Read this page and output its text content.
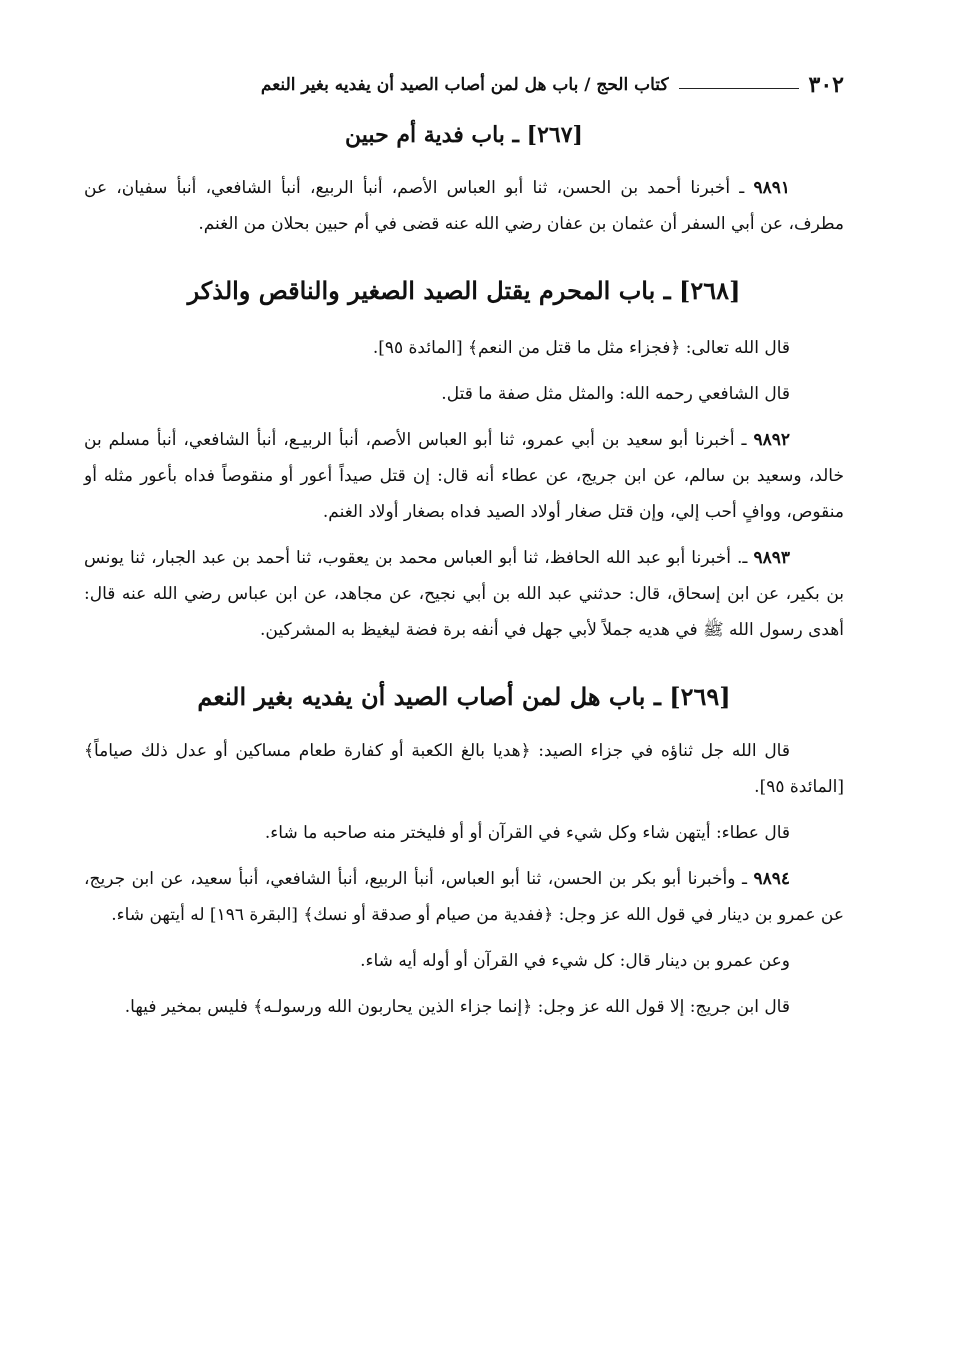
٣٠٢
كتاب الحج / باب هل لمن أصاب الصيد أن يفديه بغير النعم
[٢٦٧] ـ باب فدية أم حبين

٩٨٩١ ـ أخبرنا أحمد بن الحسن، ثنا أبو العباس الأصم، أنبأ الربيع، أنبأ الشافعي، أنبأ سفيان، عن مطرف، عن أبي السفر أن عثمان بن عفان رضي الله عنه قضى في أم حبين بحلان من الغنم.

[٢٦٨] ـ باب المحرم يقتل الصيد الصغير والناقص والذكر

قال الله تعالى: ﴿فجزاء مثل ما قتل من النعم﴾ [المائدة ٩٥].

قال الشافعي رحمه الله: والمثل مثل صفة ما قتل.

٩٨٩٢ ـ أخبرنا أبو سعيد بن أبي عمرو، ثنا أبو العباس الأصم، أنبأ الربيـع، أنبأ الشافعي، أنبأ مسلم بن خالد، وسعيد بن سالم، عن ابن جريج، عن عطاء أنه قال: إن قتل صيداً أعور أو منقوصاً فداه بأعور مثله أو منقوص، ووافٍ أحب إلي، وإن قتل صغار أولاد الصيد فداه بصغار أولاد الغنم.

٩٨٩٣ ـ. أخبرنا أبو عبد الله الحافظ، ثنا أبو العباس محمد بن يعقوب، ثنا أحمد بن عبد الجبار، ثنا يونس بن بكير، عن ابن إسحاق، قال: حدثني عبد الله بن أبي نجيح، عن مجاهد، عن ابن عباس رضي الله عنه قال: أهدى رسول الله ﷺ في هديه جملاً لأبي جهل في أنفه برة فضة ليغيظ به المشركين.

[٢٦٩] ـ باب هل لمن أصاب الصيد أن يفديه بغير النعم

قال الله جل ثناؤه في جزاء الصيد: ﴿هديا بالغ الكعبة أو كفارة طعام مساكين أو عدل ذلك صياماً﴾ [المائدة ٩٥].

قال عطاء: أيتهن شاء وكل شيء في القرآن أو أو فليختر منه صاحبه ما شاء.

٩٨٩٤ ـ وأخبرنا أبو بكر بن الحسن، ثنا أبو العباس، أنبأ الربيع، أنبأ الشافعي، أنبأ سعيد، عن ابن جريج، عن عمرو بن دينار في قول الله عز وجل: ﴿ففدية من صيام أو صدقة أو نسك﴾ [البقرة ١٩٦] له أيتهن شاء.

وعن عمرو بن دينار قال: كل شيء في القرآن أو أوله أيه شاء.

قال ابن جريج: إلا قول الله عز وجل: ﴿إنما جزاء الذين يحاربون الله ورسولـه﴾ فليس بمخير فيها.
